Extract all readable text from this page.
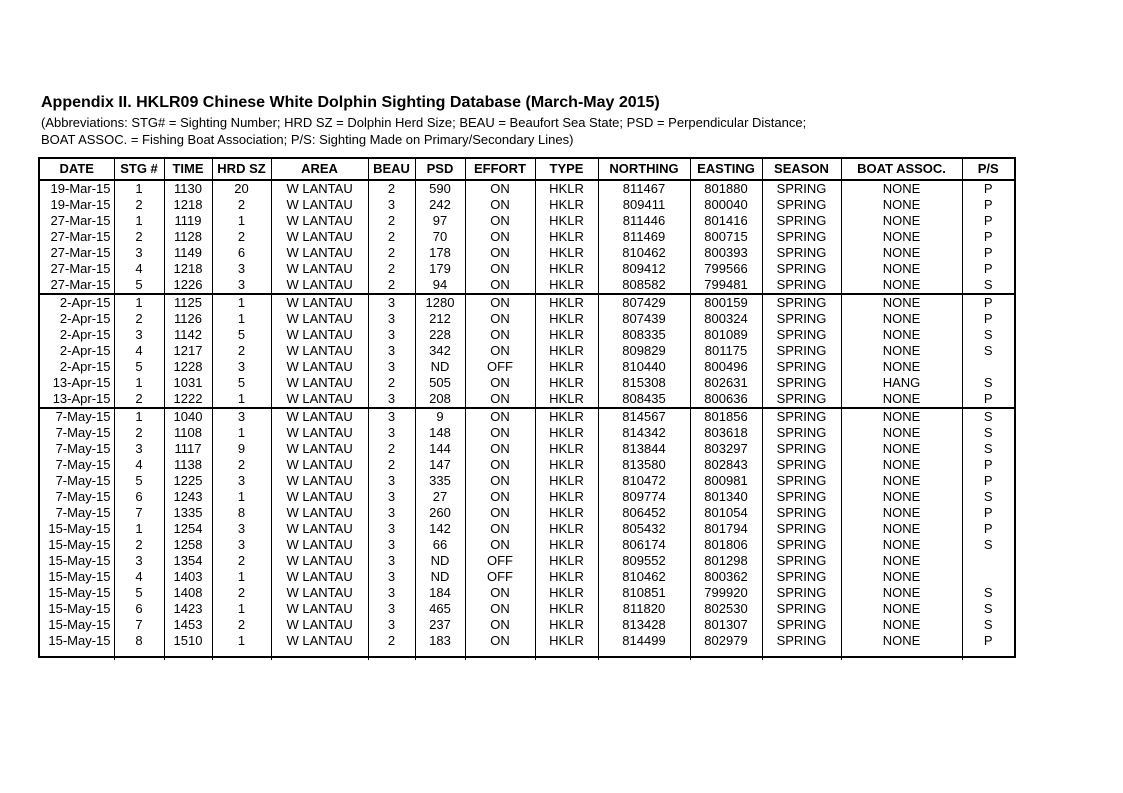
Appendix II. HKLR09 Chinese White Dolphin Sighting Database (March-May 2015)

(Abbreviations: STG# = Sighting Number; HRD SZ = Dolphin Herd Size; BEAU = Beaufort Sea State; PSD = Perpendicular Distance;
BOAT ASSOC. = Fishing Boat Association; P/S: Sighting Made on Primary/Secondary Lines)

DATE	STG #	TIME	HRD SZ	AREA	BEAU	PSD	EFFORT	TYPE	NORTHING	EASTING	SEASON	BOAT ASSOC.	P/S
19-Mar-15	1	1130	20	W LANTAU	2	590	ON	HKLR	811467	801880	SPRING	NONE	P
19-Mar-15	2	1218	2	W LANTAU	3	242	ON	HKLR	809411	800040	SPRING	NONE	P
27-Mar-15	1	1119	1	W LANTAU	2	97	ON	HKLR	811446	801416	SPRING	NONE	P
27-Mar-15	2	1128	2	W LANTAU	2	70	ON	HKLR	811469	800715	SPRING	NONE	P
27-Mar-15	3	1149	6	W LANTAU	2	178	ON	HKLR	810462	800393	SPRING	NONE	P
27-Mar-15	4	1218	3	W LANTAU	2	179	ON	HKLR	809412	799566	SPRING	NONE	P
27-Mar-15	5	1226	3	W LANTAU	2	94	ON	HKLR	808582	799481	SPRING	NONE	S
2-Apr-15	1	1125	1	W LANTAU	3	1280	ON	HKLR	807429	800159	SPRING	NONE	P
2-Apr-15	2	1126	1	W LANTAU	3	212	ON	HKLR	807439	800324	SPRING	NONE	P
2-Apr-15	3	1142	5	W LANTAU	3	228	ON	HKLR	808335	801089	SPRING	NONE	S
2-Apr-15	4	1217	2	W LANTAU	3	342	ON	HKLR	809829	801175	SPRING	NONE	S
2-Apr-15	5	1228	3	W LANTAU	3	ND	OFF	HKLR	810440	800496	SPRING	NONE	
13-Apr-15	1	1031	5	W LANTAU	2	505	ON	HKLR	815308	802631	SPRING	HANG	S
13-Apr-15	2	1222	1	W LANTAU	3	208	ON	HKLR	808435	800636	SPRING	NONE	P
7-May-15	1	1040	3	W LANTAU	3	9	ON	HKLR	814567	801856	SPRING	NONE	S
7-May-15	2	1108	1	W LANTAU	3	148	ON	HKLR	814342	803618	SPRING	NONE	S
7-May-15	3	1117	9	W LANTAU	2	144	ON	HKLR	813844	803297	SPRING	NONE	S
7-May-15	4	1138	2	W LANTAU	2	147	ON	HKLR	813580	802843	SPRING	NONE	P
7-May-15	5	1225	3	W LANTAU	3	335	ON	HKLR	810472	800981	SPRING	NONE	P
7-May-15	6	1243	1	W LANTAU	3	27	ON	HKLR	809774	801340	SPRING	NONE	S
7-May-15	7	1335	8	W LANTAU	3	260	ON	HKLR	806452	801054	SPRING	NONE	P
15-May-15	1	1254	3	W LANTAU	3	142	ON	HKLR	805432	801794	SPRING	NONE	P
15-May-15	2	1258	3	W LANTAU	3	66	ON	HKLR	806174	801806	SPRING	NONE	S
15-May-15	3	1354	2	W LANTAU	3	ND	OFF	HKLR	809552	801298	SPRING	NONE	
15-May-15	4	1403	1	W LANTAU	3	ND	OFF	HKLR	810462	800362	SPRING	NONE	
15-May-15	5	1408	2	W LANTAU	3	184	ON	HKLR	810851	799920	SPRING	NONE	S
15-May-15	6	1423	1	W LANTAU	3	465	ON	HKLR	811820	802530	SPRING	NONE	S
15-May-15	7	1453	2	W LANTAU	3	237	ON	HKLR	813428	801307	SPRING	NONE	S
15-May-15	8	1510	1	W LANTAU	2	183	ON	HKLR	814499	802979	SPRING	NONE	P
